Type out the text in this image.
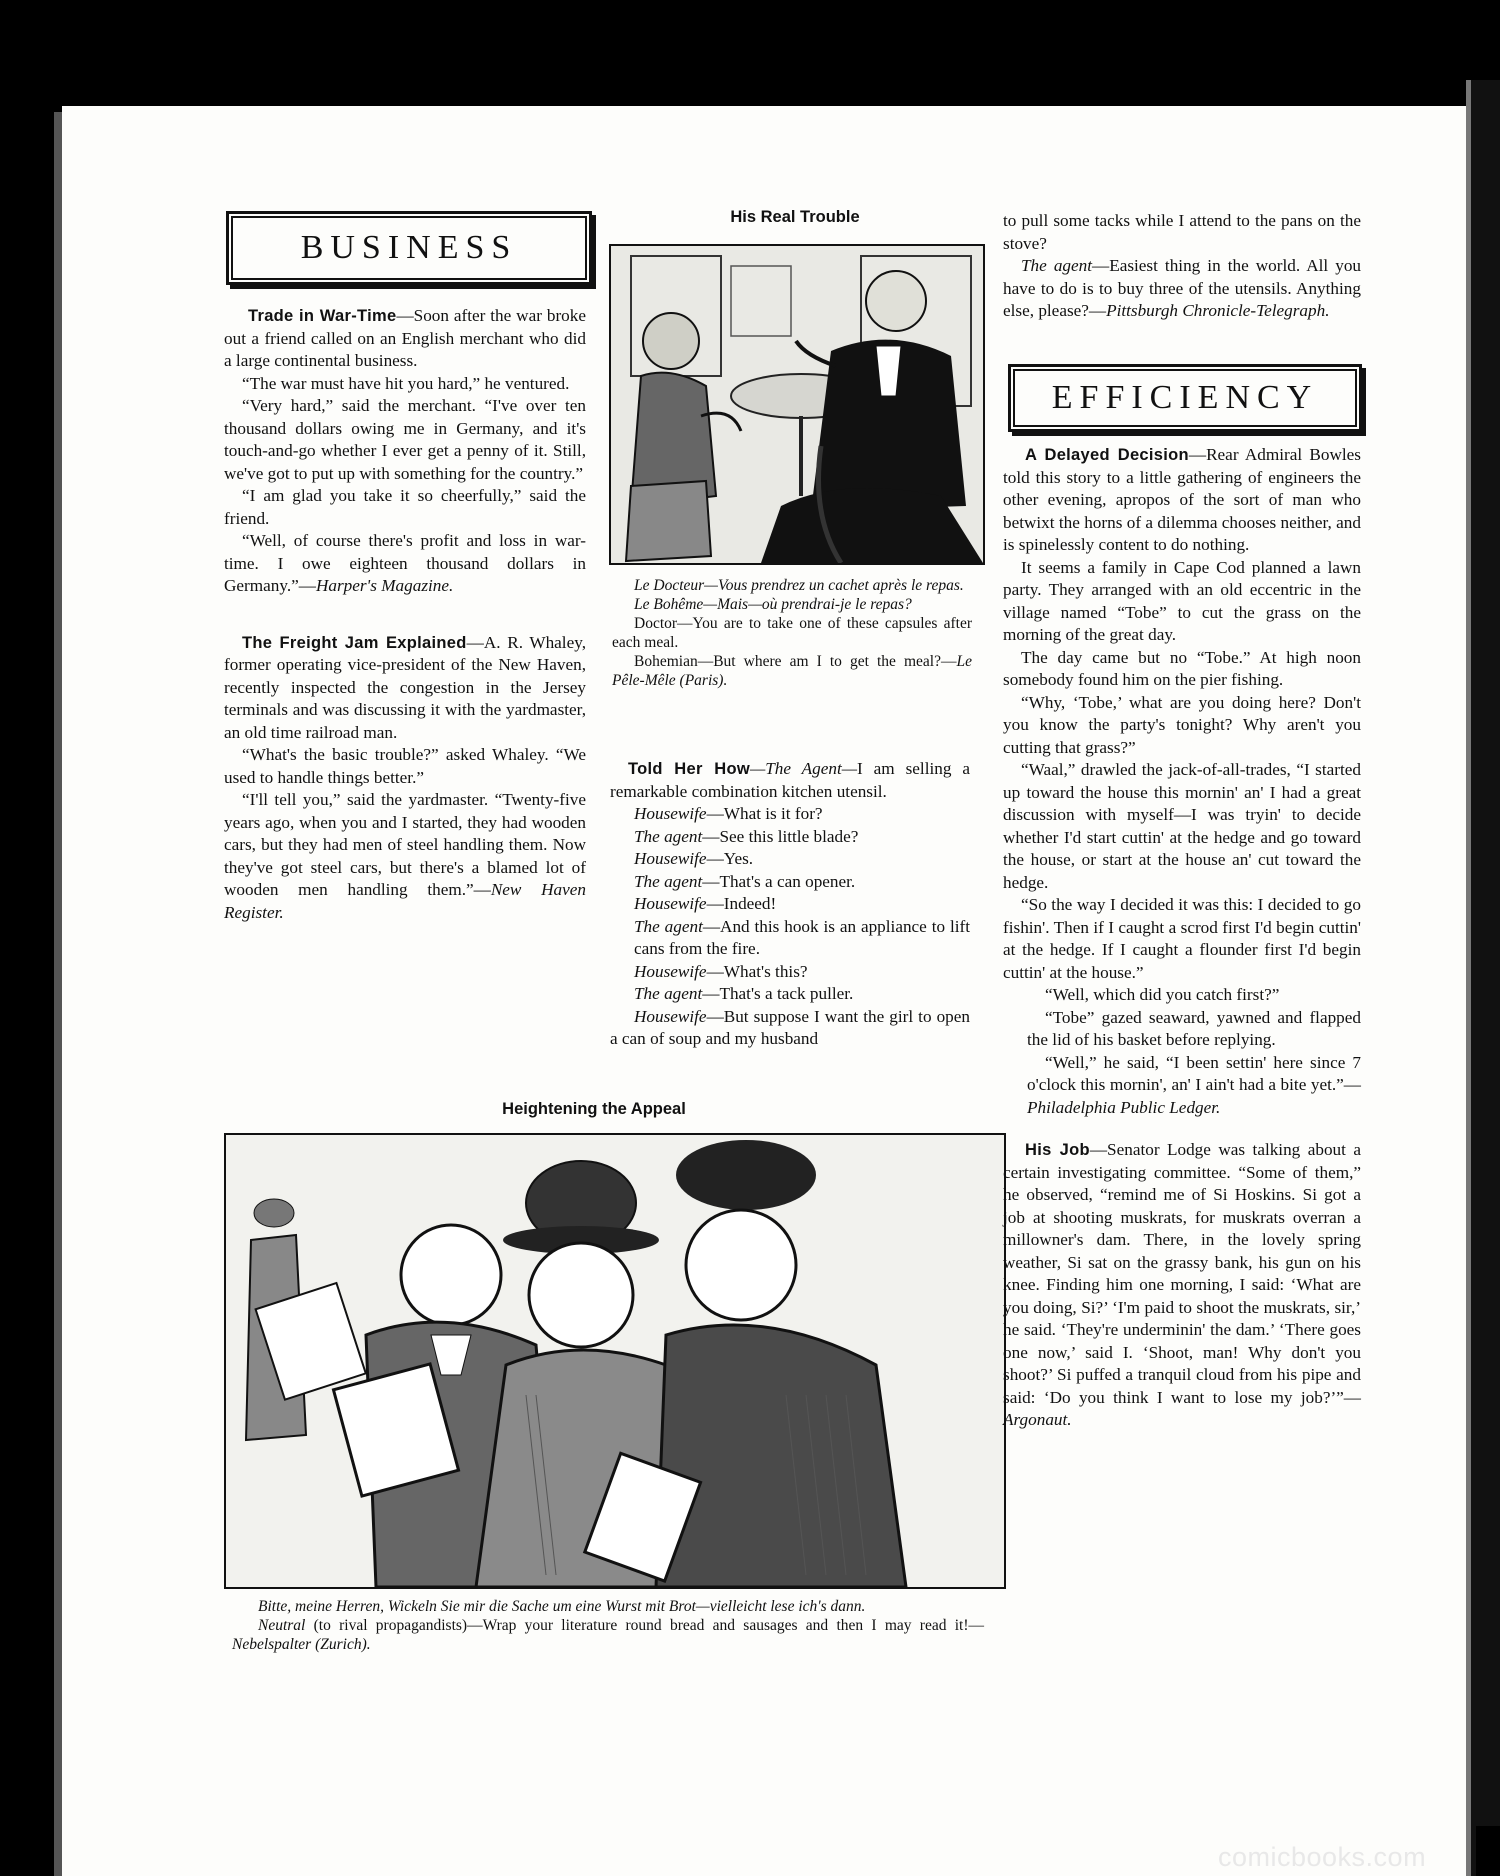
BUSINESS

Trade in War-Time—Soon after the war broke out a friend called on an English merchant who did a large continental business.

“The war must have hit you hard,” he ventured.

“Very hard,” said the merchant. “I've over ten thousand dollars owing me in Germany, and it's touch-and-go whether I ever get a penny of it. Still, we've got to put up with something for the country.”

“I am glad you take it so cheerfully,” said the friend.

“Well, of course there's profit and loss in war-time. I owe eighteen thousand dollars in Germany.”—Harper's Magazine.

The Freight Jam Explained—A. R. Whaley, former operating vice-president of the New Haven, recently inspected the congestion in the Jersey terminals and was discussing it with the yardmaster, an old time railroad man.

“What's the basic trouble?” asked Whaley. “We used to handle things better.”

“I'll tell you,” said the yardmaster. “Twenty-five years ago, when you and I started, they had wooden cars, but they had men of steel handling them. Now they've got steel cars, but there's a blamed lot of wooden men handling them.”—New Haven Register.

His Real Trouble

Le Docteur—Vous prendrez un cachet après le repas.

Le Bohême—Mais—où prendrai-je le repas?

Doctor—You are to take one of these capsules after each meal.

Bohemian—But where am I to get the meal?—Le Pêle-Mêle (Paris).

Told Her How—The Agent—I am selling a remarkable combination kitchen utensil.

Housewife—What is it for?

The agent—See this little blade?

Housewife—Yes.

The agent—That's a can opener.

Housewife—Indeed!

The agent—And this hook is an appliance to lift cans from the fire.

Housewife—What's this?

The agent—That's a tack puller.

Housewife—But suppose I want the girl to open a can of soup and my husband

Heightening the Appeal

Bitte, meine Herren, Wickeln Sie mir die Sache um eine Wurst mit Brot—vielleicht lese ich's dann.

Neutral (to rival propagandists)—Wrap your literature round bread and sausages and then I may read it!—Nebelspalter (Zurich).

to pull some tacks while I attend to the pans on the stove?

The agent—Easiest thing in the world. All you have to do is to buy three of the utensils. Anything else, please?—Pittsburgh Chronicle-Telegraph.

EFFICIENCY

A Delayed Decision—Rear Admiral Bowles told this story to a little gathering of engineers the other evening, apropos of the sort of man who betwixt the horns of a dilemma chooses neither, and is spinelessly content to do nothing.

It seems a family in Cape Cod planned a lawn party. They arranged with an old eccentric in the village named “Tobe” to cut the grass on the morning of the great day.

The day came but no “Tobe.” At high noon somebody found him on the pier fishing.

“Why, ‘Tobe,’ what are you doing here? Don't you know the party's tonight? Why aren't you cutting that grass?”

“Waal,” drawled the jack-of-all-trades, “I started up toward the house this mornin' an' I had a great discussion with myself—I was tryin' to decide whether I'd start cuttin' at the hedge and go toward the house, or start at the house an' cut toward the hedge.

“So the way I decided it was this: I decided to go fishin'. Then if I caught a scrod first I'd begin cuttin' at the hedge. If I caught a flounder first I'd begin cuttin' at the house.”

“Well, which did you catch first?”

“Tobe” gazed seaward, yawned and flapped the lid of his basket before replying.

“Well,” he said, “I been settin' here since 7 o'clock this mornin', an' I ain't had a bite yet.”—Philadelphia Public Ledger.

His Job—Senator Lodge was talking about a certain investigating committee. “Some of them,” he observed, “remind me of Si Hoskins. Si got a job at shooting muskrats, for muskrats overran a millowner's dam. There, in the lovely spring weather, Si sat on the grassy bank, his gun on his knee. Finding him one morning, I said: ‘What are you doing, Si?’ ‘I'm paid to shoot the muskrats, sir,’ he said. ‘They're underminin' the dam.’ ‘There goes one now,’ said I. ‘Shoot, man! Why don't you shoot?’ Si puffed a tranquil cloud from his pipe and said: ‘Do you think I want to lose my job?’”—Argonaut.

comicbooks.com
